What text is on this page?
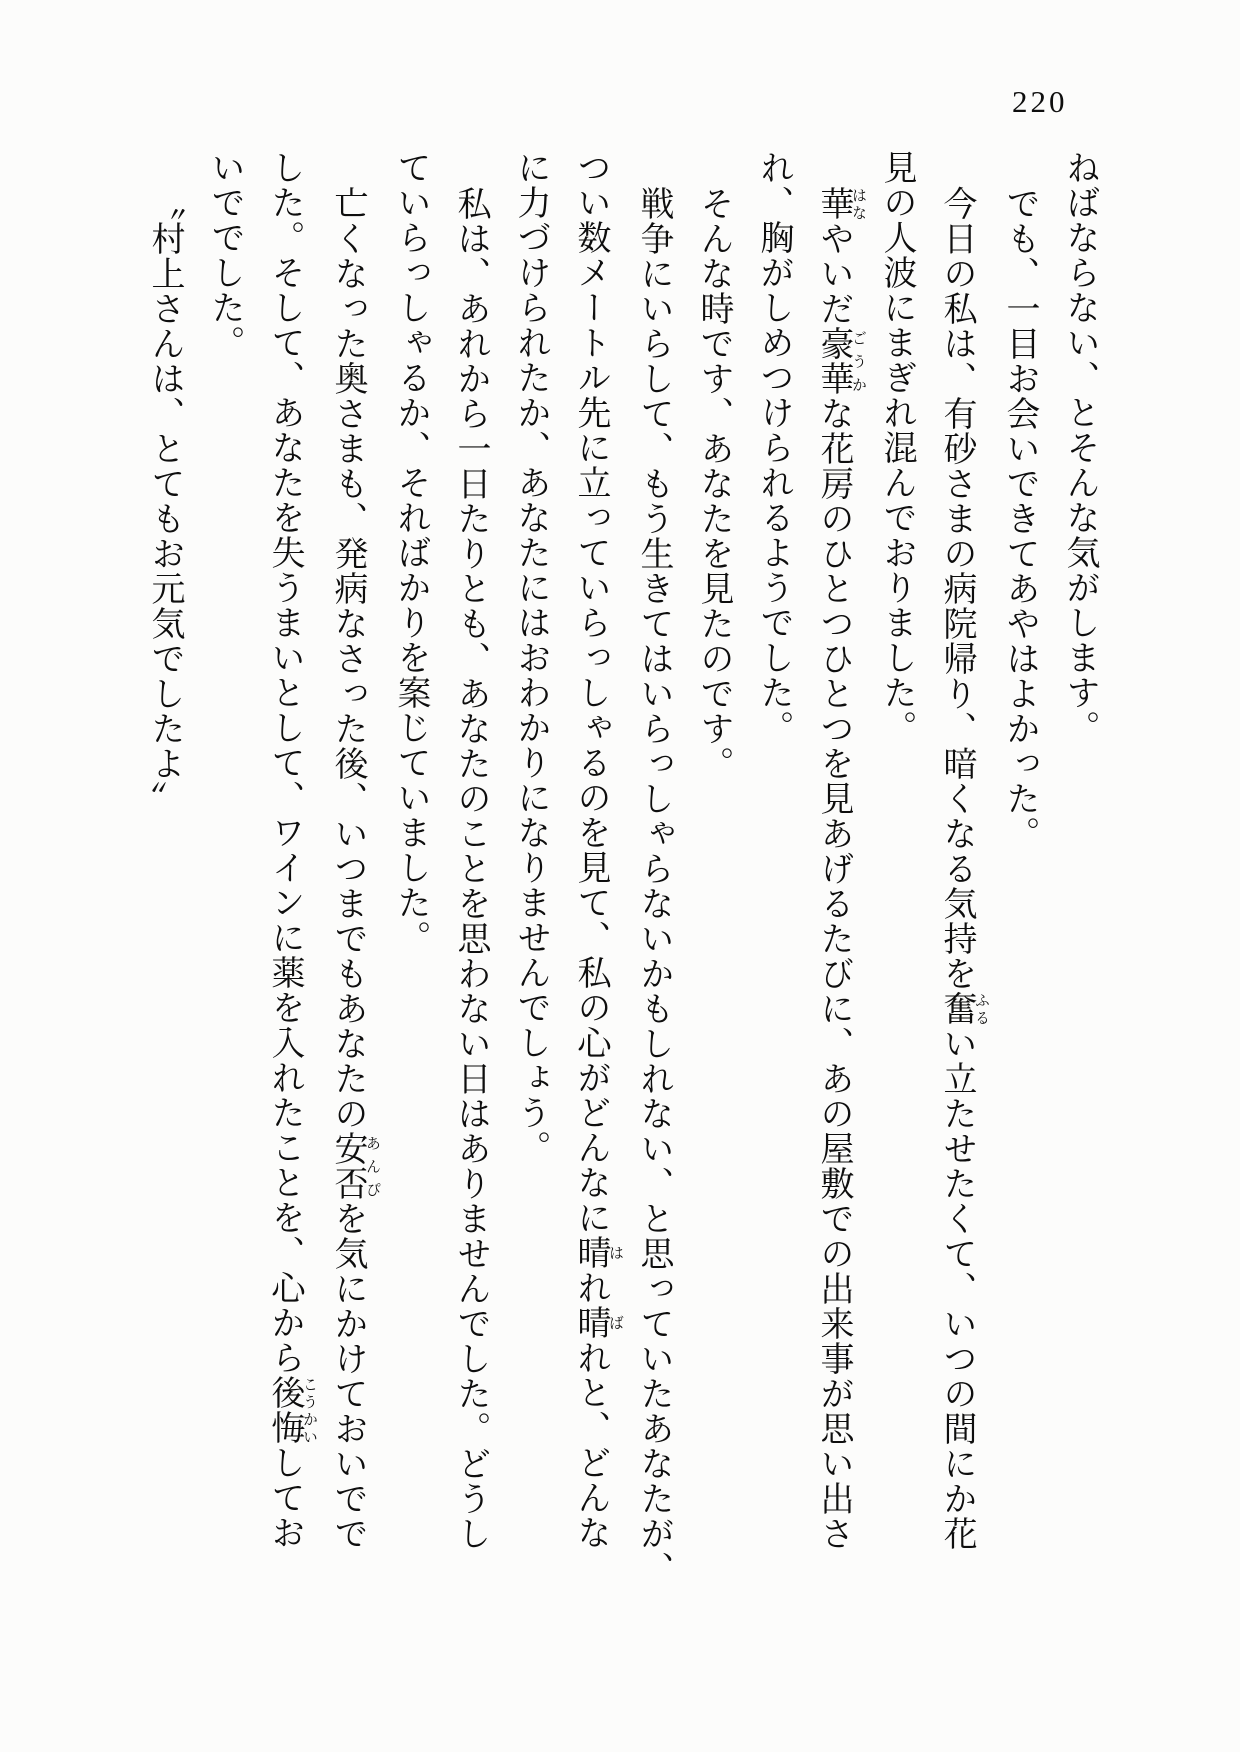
220

ねばならない、とそんな気がします。

でも、一目お会いできてあやはよかった。

今日の私は、有砂さまの病院帰り、暗くなる気持を奮ふるい立たせたくて、いつの間にか花

見の人波にまぎれ混んでおりました。

華はなやいだ豪華ごうかな花房のひとつひとつを見あげるたびに、あの屋敷での出来事が思い出さ

れ、胸がしめつけられるようでした。

そんな時です、あなたを見たのです。

戦争にいらして、もう生きてはいらっしゃらないかもしれない、と思っていたあなたが、

つい数メートル先に立っていらっしゃるのを見て、私の心がどんなに晴はれ晴ばれと、どんな

に力づけられたか、あなたにはおわかりになりませんでしょう。

私は、あれから一日たりとも、あなたのことを思わない日はありませんでした。どうし

ていらっしゃるか、そればかりを案じていました。

亡くなった奥さまも、発病なさった後、いつまでもあなたの安否あんぴを気にかけておいでで

した。そして、あなたを失うまいとして、ワインに薬を入れたことを、心から後悔こうかいしてお

いででした。

〝村上さんは、とてもお元気でしたよ〟
